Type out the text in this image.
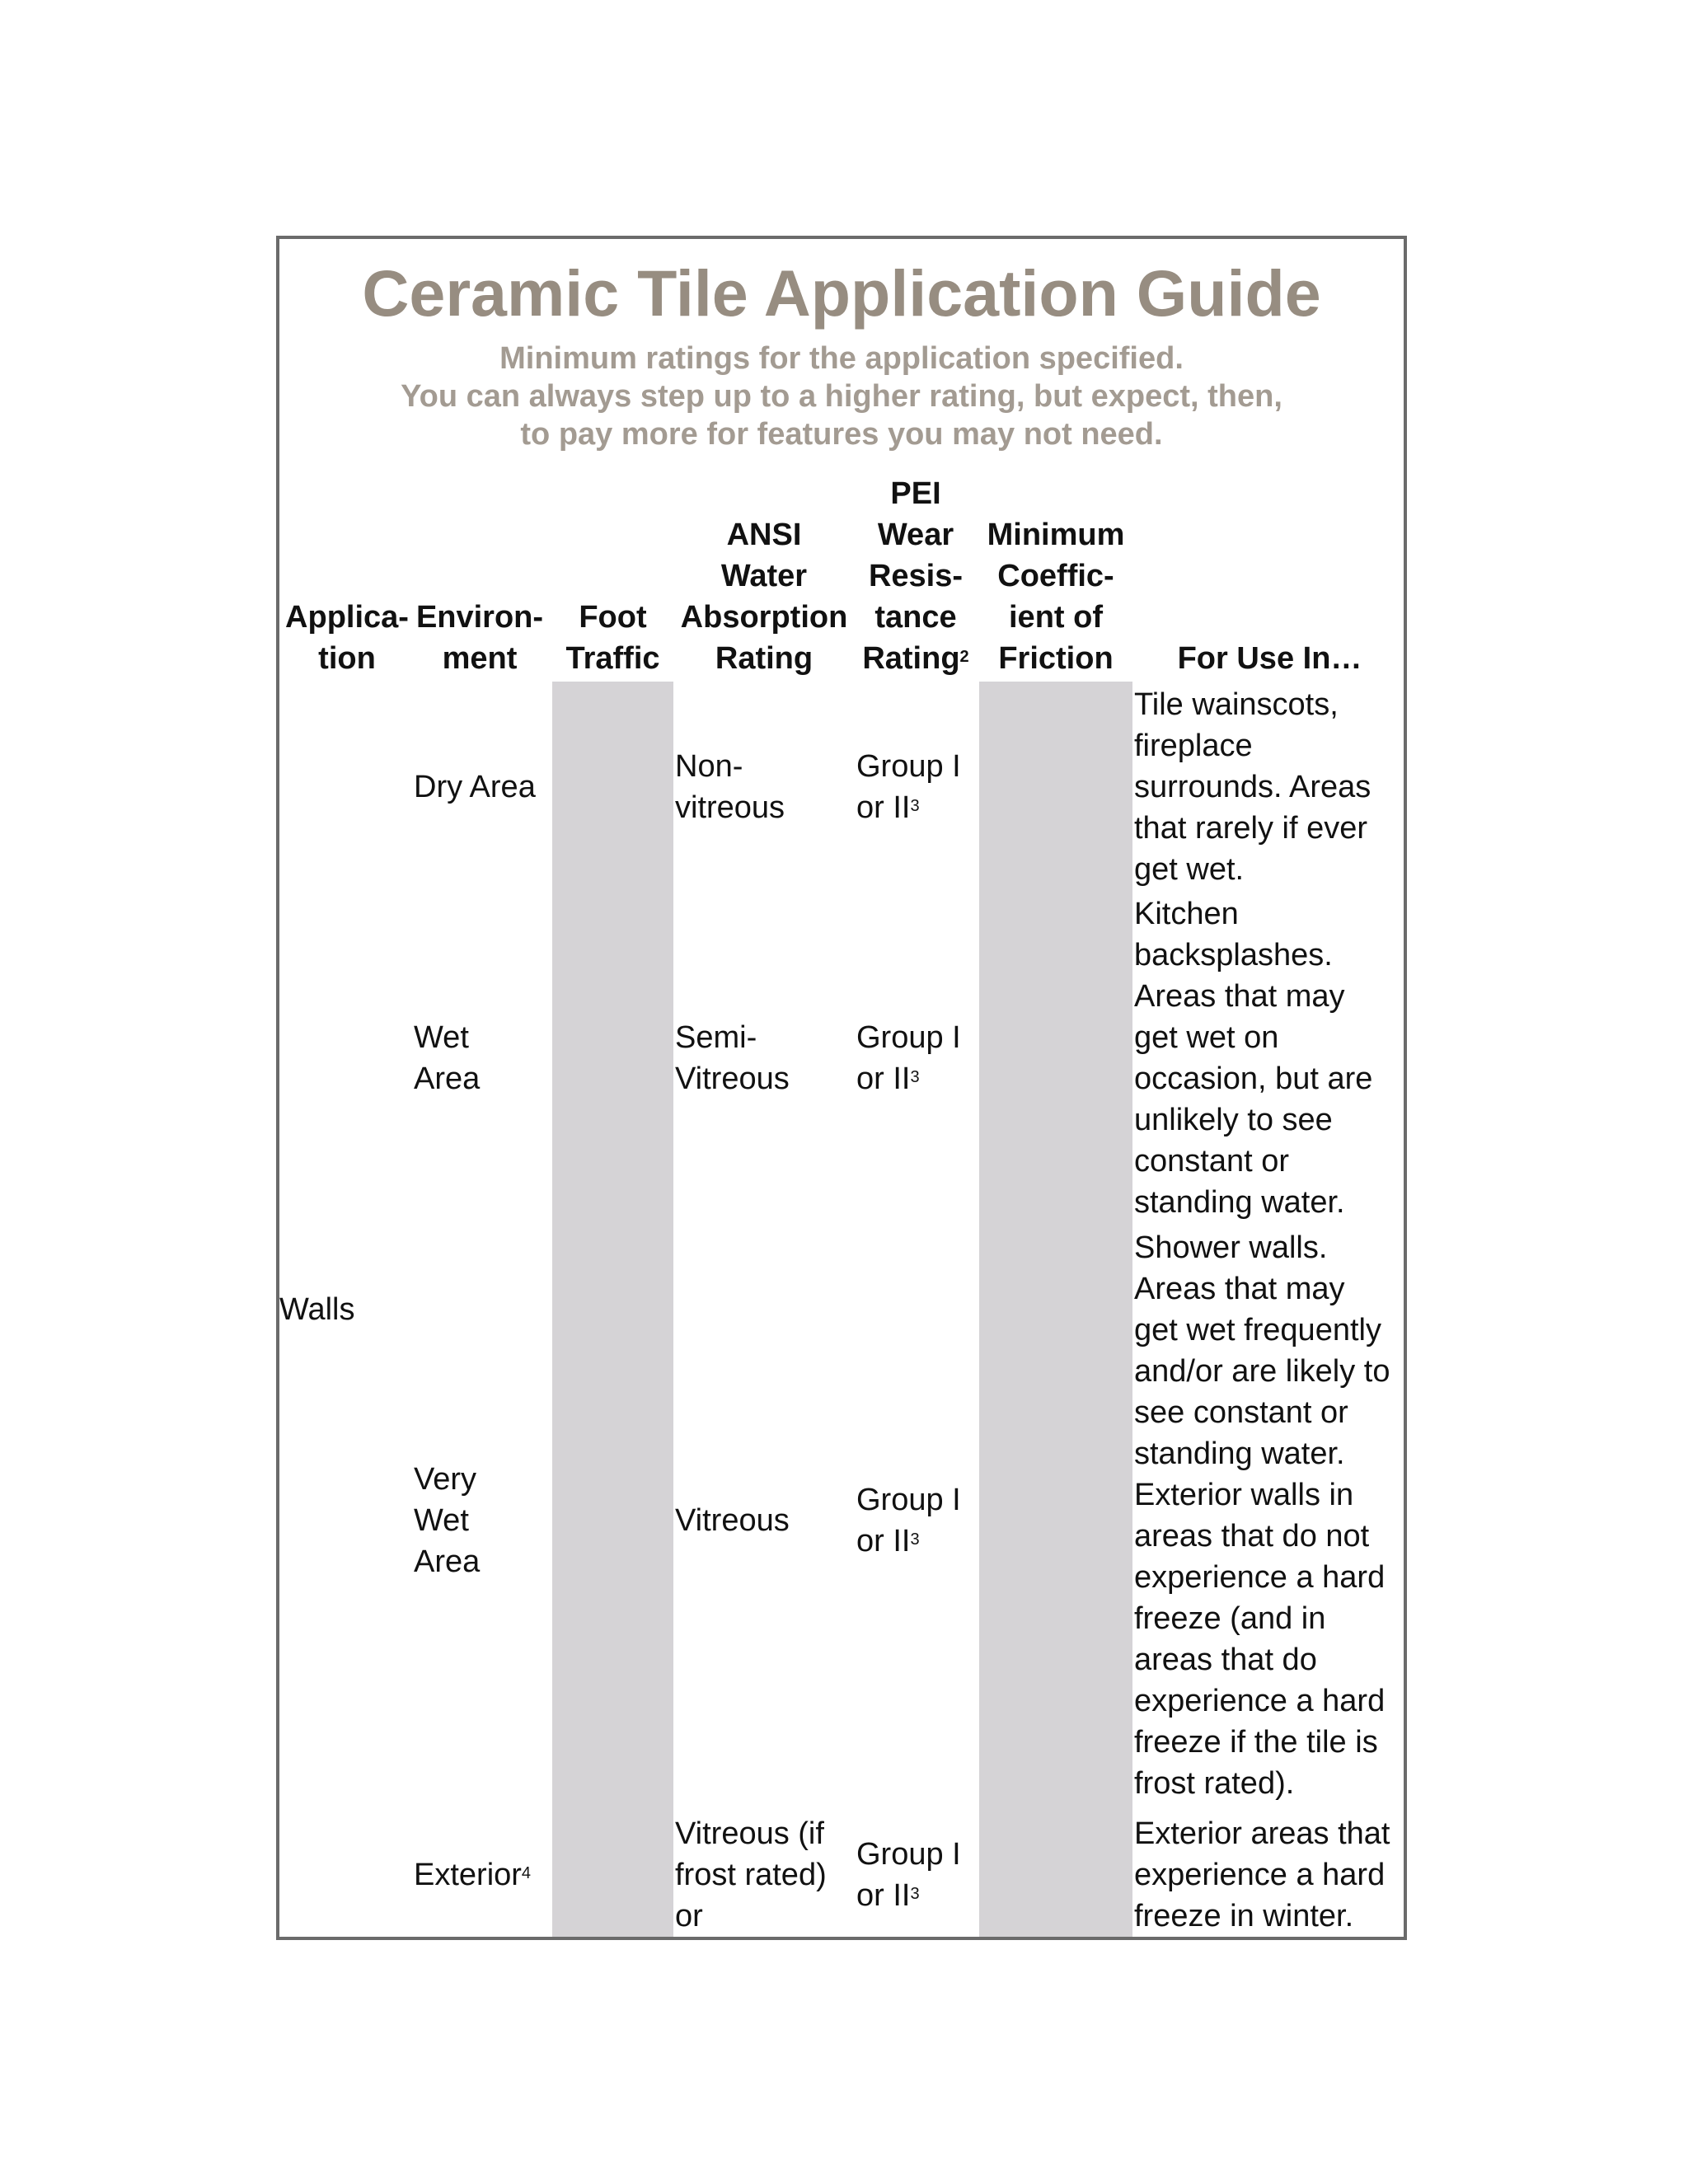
Ceramic Tile Application Guide
Minimum ratings for the application specified.
You can always step up to a higher rating, but expect, then,
to pay more for features you may not need.
Applica-
tion
Environ-
ment
Foot
Traffic
ANSI
Water
Absorption
Rating
PEI
Wear
Resis-
tance
Rating$^2$
Minimum
Coeffic-
ient of
Friction	For Use In…
Walls
Dry Area
Non-
vitreous
Group I
or $II^3$
Tile wainscots,
fireplace
surrounds. Areas
that rarely if ever
get wet.
Wet
Area
Semi-
Vitreous
Group I
or $II^3$
Kitchen
backsplashes.
Areas that may
get wet on
occasion, but are
unlikely to see
constant or
standing water.
Very
Wet
Area
Vitreous
Group I
or $II^3$
Shower walls.
Areas that may
get wet frequently
and/or are likely to
see constant or
standing water.
Exterior walls in
areas that do not
experience a hard
freeze (and in
areas that do
experience a hard
freeze if the tile is
frost rated).
Exterior$^4$
Vitreous (if
frost rated)
or
Group I
or $II^3$
Exterior areas that
experience a hard
freeze in winter.
